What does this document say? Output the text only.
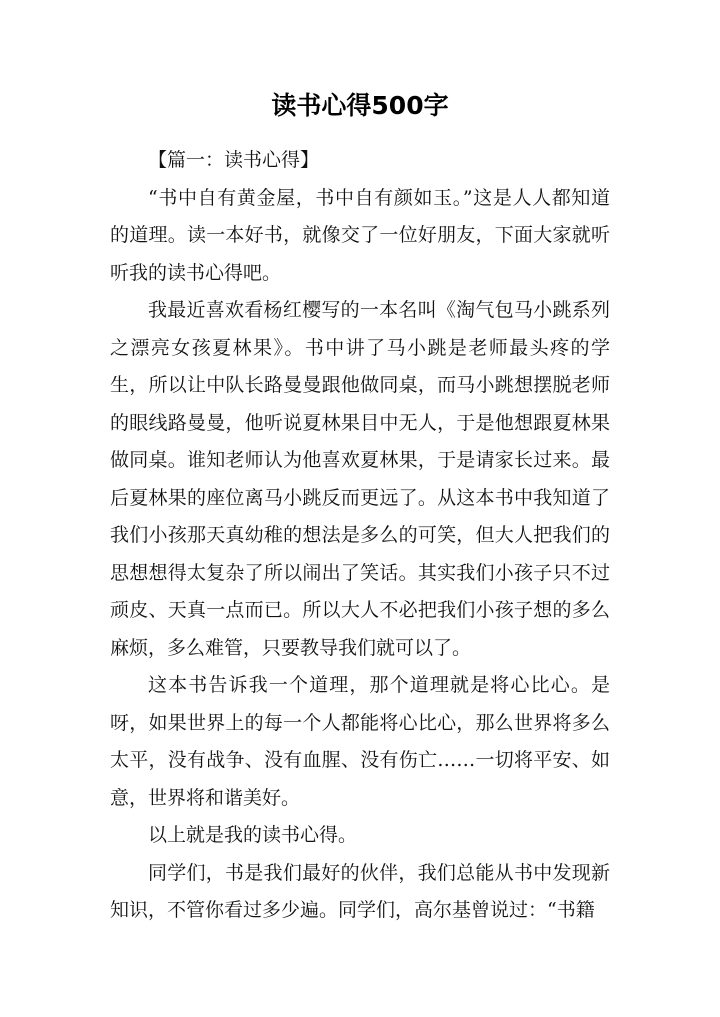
读书心得500字

【篇一：读书心得】

“书中自有黄金屋，书中自有颜如玉。”这是人人都知道的道理。读一本好书，就像交了一位好朋友，下面大家就听听我的读书心得吧。

我最近喜欢看杨红樱写的一本名叫《淘气包马小跳系列之漂亮女孩夏林果》。书中讲了马小跳是老师最头疼的学生，所以让中队长路曼曼跟他做同桌，而马小跳想摆脱老师的眼线路曼曼，他听说夏林果目中无人，于是他想跟夏林果做同桌。谁知老师认为他喜欢夏林果，于是请家长过来。最后夏林果的座位离马小跳反而更远了。从这本书中我知道了我们小孩那天真幼稚的想法是多么的可笑，但大人把我们的思想想得太复杂了所以闹出了笑话。其实我们小孩子只不过顽皮、天真一点而已。所以大人不必把我们小孩子想的多么麻烦，多么难管，只要教导我们就可以了。

这本书告诉我一个道理，那个道理就是将心比心。是呀，如果世界上的每一个人都能将心比心，那么世界将多么太平，没有战争、没有血腥、没有伤亡……一切将平安、如意，世界将和谐美好。

以上就是我的读书心得。

同学们，书是我们最好的伙伴，我们总能从书中发现新知识，不管你看过多少遍。同学们，高尔基曾说过：“书籍
